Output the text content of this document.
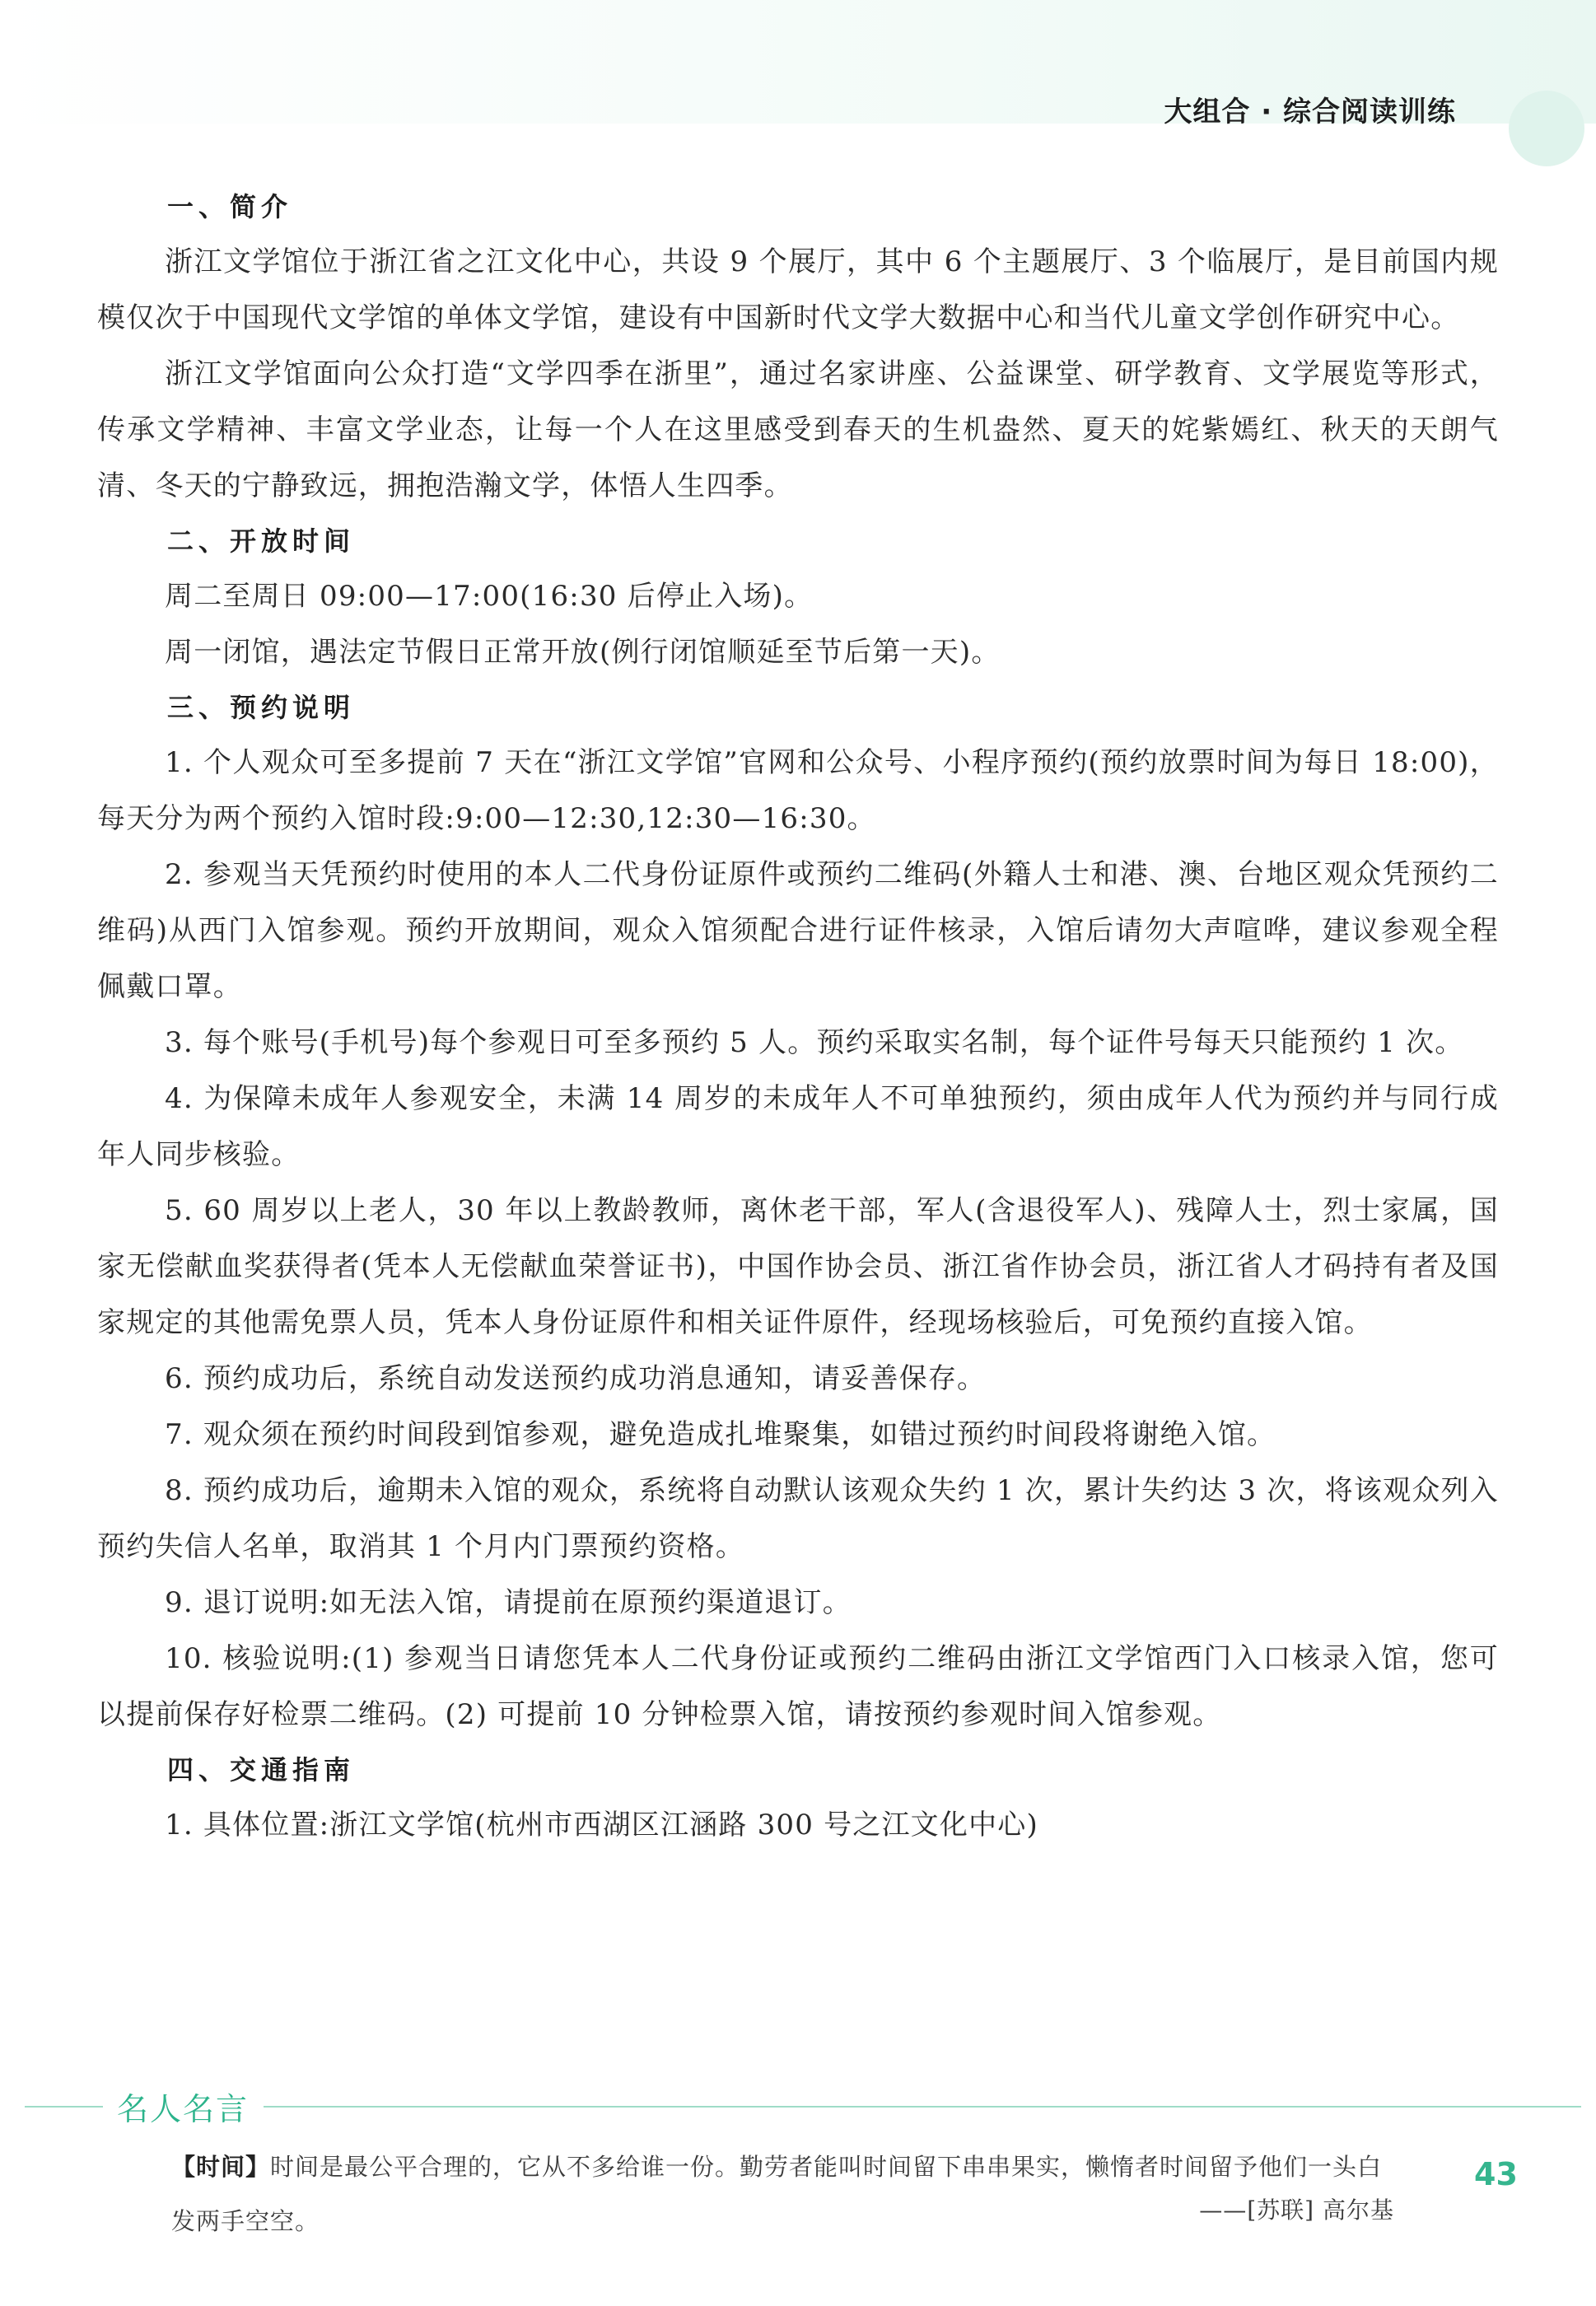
大组合 · 综合阅读训练
一、简介

浙江文学馆位于浙江省之江文化中心，共设 9 个展厅，其中 6 个主题展厅、3 个临展厅，是目前国内规模仅次于中国现代文学馆的单体文学馆，建设有中国新时代文学大数据中心和当代儿童文学创作研究中心。

浙江文学馆面向公众打造“文学四季在浙里”，通过名家讲座、公益课堂、研学教育、文学展览等形式，传承文学精神、丰富文学业态，让每一个人在这里感受到春天的生机盎然、夏天的姹紫嫣红、秋天的天朗气清、冬天的宁静致远，拥抱浩瀚文学，体悟人生四季。

二、开放时间

周二至周日 09:00—17:00(16:30 后停止入场)。

周一闭馆，遇法定节假日正常开放(例行闭馆顺延至节后第一天)。

三、预约说明

1. 个人观众可至多提前 7 天在“浙江文学馆”官网和公众号、小程序预约(预约放票时间为每日 18:00)，每天分为两个预约入馆时段:9:00—12:30,12:30—16:30。

2. 参观当天凭预约时使用的本人二代身份证原件或预约二维码(外籍人士和港、澳、台地区观众凭预约二维码)从西门入馆参观。预约开放期间，观众入馆须配合进行证件核录，入馆后请勿大声喧哗，建议参观全程佩戴口罩。

3. 每个账号(手机号)每个参观日可至多预约 5 人。预约采取实名制，每个证件号每天只能预约 1 次。

4. 为保障未成年人参观安全，未满 14 周岁的未成年人不可单独预约，须由成年人代为预约并与同行成年人同步核验。

5. 60 周岁以上老人，30 年以上教龄教师，离休老干部，军人(含退役军人)、残障人士，烈士家属，国家无偿献血奖获得者(凭本人无偿献血荣誉证书)，中国作协会员、浙江省作协会员，浙江省人才码持有者及国家规定的其他需免票人员，凭本人身份证原件和相关证件原件，经现场核验后，可免预约直接入馆。

6. 预约成功后，系统自动发送预约成功消息通知，请妥善保存。

7. 观众须在预约时间段到馆参观，避免造成扎堆聚集，如错过预约时间段将谢绝入馆。

8. 预约成功后，逾期未入馆的观众，系统将自动默认该观众失约 1 次，累计失约达 3 次，将该观众列入预约失信人名单，取消其 1 个月内门票预约资格。

9. 退订说明:如无法入馆，请提前在原预约渠道退订。

10. 核验说明:(1) 参观当日请您凭本人二代身份证或预约二维码由浙江文学馆西门入口核录入馆，您可以提前保存好检票二维码。(2) 可提前 10 分钟检票入馆，请按预约参观时间入馆参观。

四、交通指南

1. 具体位置:浙江文学馆(杭州市西湖区江涵路 300 号之江文化中心)

名人名言
【时间】时间是最公平合理的，它从不多给谁一份。勤劳者能叫时间留下串串果实，懒惰者时间留予他们一头白发两手空空。	——[苏联] 高尔基
43
